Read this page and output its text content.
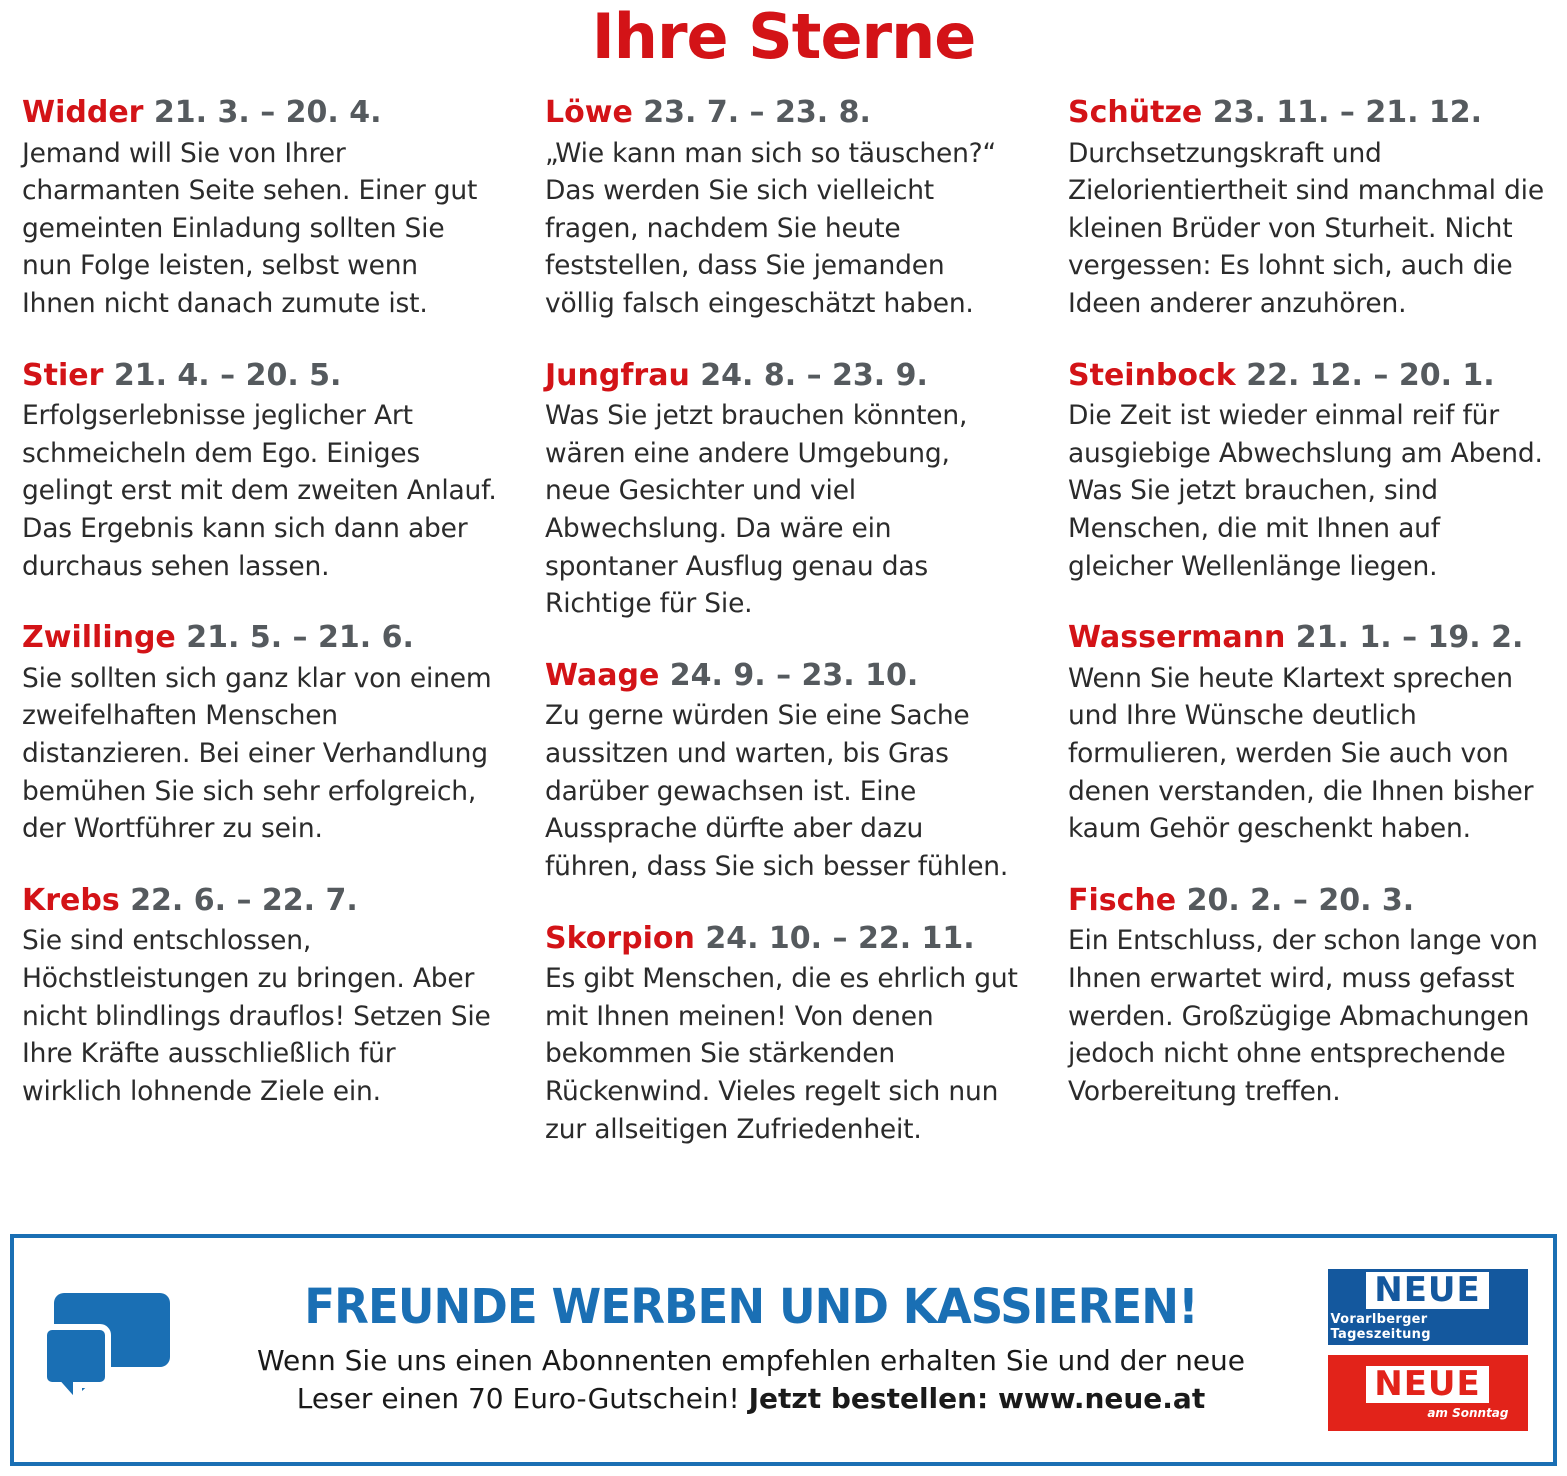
Ihre Sterne
Widder 21. 3. – 20. 4.
Jemand will Sie von Ihrer charmanten Seite sehen. Einer gut gemeinten Einladung sollten Sie nun Folge leisten, selbst wenn Ihnen nicht danach zumute ist.
Stier 21. 4. – 20. 5.
Erfolgserlebnisse jeglicher Art schmeicheln dem Ego. Einiges gelingt erst mit dem zweiten Anlauf. Das Ergebnis kann sich dann aber durchaus sehen lassen.
Zwillinge 21. 5. – 21. 6.
Sie sollten sich ganz klar von einem zweifelhaften Menschen distanzieren. Bei einer Verhandlung bemühen Sie sich sehr erfolgreich, der Wortführer zu sein.
Krebs 22. 6. – 22. 7.
Sie sind entschlossen, Höchstleistungen zu bringen. Aber nicht blindlings drauflos! Setzen Sie Ihre Kräfte ausschließlich für wirklich lohnende Ziele ein.
Löwe 23. 7. – 23. 8.
„Wie kann man sich so täuschen?“ Das werden Sie sich vielleicht fragen, nachdem Sie heute feststellen, dass Sie jemanden völlig falsch eingeschätzt haben.
Jungfrau 24. 8. – 23. 9.
Was Sie jetzt brauchen könnten, wären eine andere Umgebung, neue Gesichter und viel Abwechslung. Da wäre ein spontaner Ausflug genau das Richtige für Sie.
Waage 24. 9. – 23. 10.
Zu gerne würden Sie eine Sache aussitzen und warten, bis Gras darüber gewachsen ist. Eine Aussprache dürfte aber dazu führen, dass Sie sich besser fühlen.
Skorpion 24. 10. – 22. 11.
Es gibt Menschen, die es ehrlich gut mit Ihnen meinen! Von denen bekommen Sie stärkenden Rückenwind. Vieles regelt sich nun zur allseitigen Zufriedenheit.
Schütze 23. 11. – 21. 12.
Durchsetzungskraft und Zielorientiertheit sind manchmal die kleinen Brüder von Sturheit. Nicht vergessen: Es lohnt sich, auch die Ideen anderer anzuhören.
Steinbock 22. 12. – 20. 1.
Die Zeit ist wieder einmal reif für ausgiebige Abwechslung am Abend. Was Sie jetzt brauchen, sind Menschen, die mit Ihnen auf gleicher Wellenlänge liegen.
Wassermann 21. 1. – 19. 2.
Wenn Sie heute Klartext sprechen und Ihre Wünsche deutlich formulieren, werden Sie auch von denen verstanden, die Ihnen bisher kaum Gehör geschenkt haben.
Fische 20. 2. – 20. 3.
Ein Entschluss, der schon lange von Ihnen erwartet wird, muss gefasst werden. Großzügige Abmachungen jedoch nicht ohne entsprechende Vorbereitung treffen.
FREUNDE WERBEN UND KASSIEREN!
Wenn Sie uns einen Abonnenten empfehlen erhalten Sie und der neue
Leser einen 70 Euro-Gutschein! Jetzt bestellen: www.neue.at
NEUE
Vorarlberger Tageszeitung
NEUE
am Sonntag
